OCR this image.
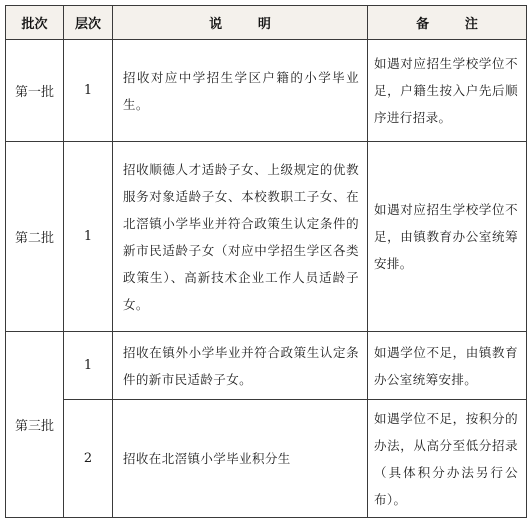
批次	层次	说 明	备 注
第一批	1	招收对应中学招生学区户籍的小学毕业生。	如遇对应招生学校学位不足，户籍生按入户先后顺序进行招录。
第二批	1	招收顺德人才适龄子女、上级规定的优教服务对象适龄子女、本校教职工子女、在北滘镇小学毕业并符合政策生认定条件的新市民适龄子女（对应中学招生学区各类政策生）、高新技术企业工作人员适龄子女。	如遇对应招生学校学位不足，由镇教育办公室统筹安排。
第三批	1	招收在镇外小学毕业并符合政策生认定条件的新市民适龄子女。	如遇学位不足，由镇教育办公室统筹安排。
	2	招收在北滘镇小学毕业积分生	如遇学位不足，按积分的办法，从高分至低分招录（具体积分办法另行公布）。
